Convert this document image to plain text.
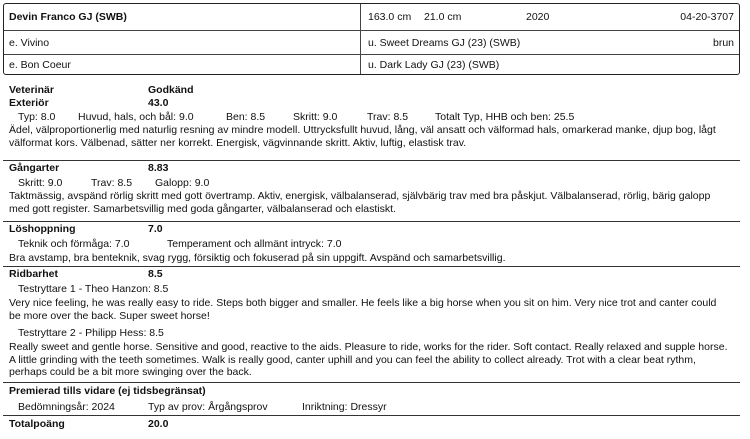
Devin Franco GJ (SWB)	163.0 cm 21.0 cm	2020	04-20-3707
e. Vivino	u. Sweet Dreams GJ (23) (SWB)	brun
e. Bon Coeur	u. Dark Lady GJ (23) (SWB)
Veterinär	Godkänd
Exteriör	43.0
Typ: 8.0 Huvud, hals, och bål: 9.0	Ben: 8.5	Skritt: 9.0	Trav: 8.5	Totalt Typ, HHB och ben: 25.5
Ädel, välproportionerlig med naturlig resning av mindre modell. Uttrycksfullt huvud, lång, väl ansatt och välformad hals, omarkerad manke, djup bog, lågt välformat kors. Välbenad, sätter ner korrekt. Energisk, vägvinnande skritt. Aktiv, luftig, elastisk trav.
Gångarter	8.83
Skritt: 9.0	Trav: 8.5 Galopp: 9.0
Taktmässig, avspänd rörlig skritt med gott övertramp. Aktiv, energisk, välbalanserad, självbärig trav med bra påskjut. Välbalanserad, rörlig, bärig galopp med gott register. Samarbetsvillig med goda gångarter, välbalanserad och elastiskt.
Löshoppning	7.0
Teknik och förmåga: 7.0	Temperament och allmänt intryck: 7.0
Bra avstamp, bra benteknik, svag rygg, försiktig och fokuserad på sin uppgift. Avspänd och samarbetsvillig.
Ridbarhet	8.5
Testryttare 1 - Theo Hanzon: 8.5
Very nice feeling, he was really easy to ride. Steps both bigger and smaller. He feels like a big horse when you sit on him. Very nice trot and canter could be more over the back. Super sweet horse!
Testryttare 2 - Philipp Hess: 8.5
Really sweet and gentle horse. Sensitive and good, reactive to the aids. Pleasure to ride, works for the rider. Soft contact. Really relaxed and supple horse. A little grinding with the teeth sometimes. Walk is really good, canter uphill and you can feel the ability to collect already. Trot with a clear beat rythm, perhaps could be a bit more swinging over the back.
Premierad tills vidare (ej tidsbegränsat)
Bedömningsår: 2024	Typ av prov: Årgångsprov	Inriktning: Dressyr
Totalpoäng	20.0
